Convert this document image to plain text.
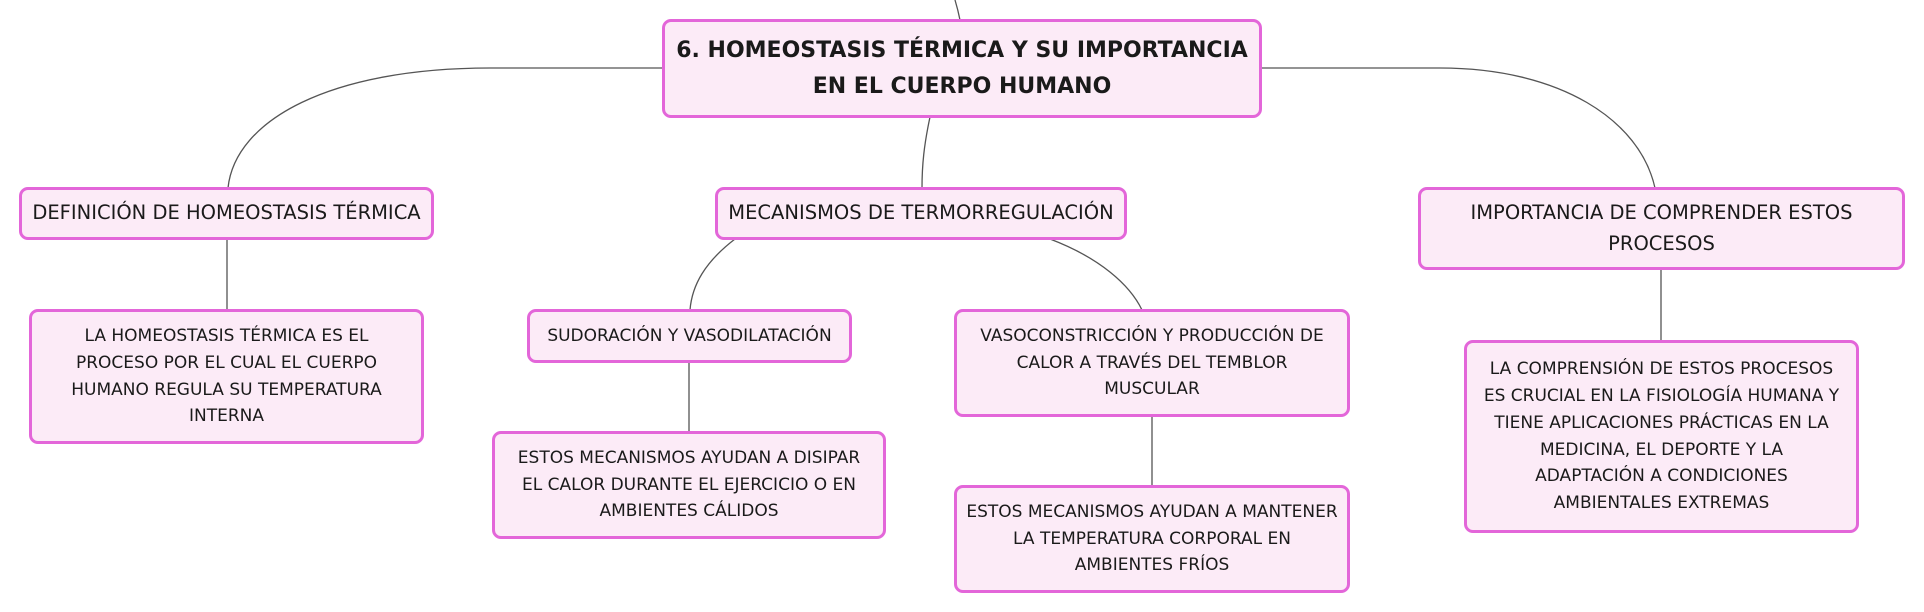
6. HOMEOSTASIS TÉRMICA Y SU IMPORTANCIA EN EL CUERPO HUMANO
DEFINICIÓN DE HOMEOSTASIS TÉRMICA	MECANISMOS DE TERMORREGULACIÓN	IMPORTANCIA DE COMPRENDER ESTOS PROCESOS
LA HOMEOSTASIS TÉRMICA ES EL PROCESO POR EL CUAL EL CUERPO HUMANO REGULA SU TEMPERATURA INTERNA
SUDORACIÓN Y VASODILATACIÓN
ESTOS MECANISMOS AYUDAN A DISIPAR EL CALOR DURANTE EL EJERCICIO O EN AMBIENTES CÁLIDOS
VASOCONSTRICCIÓN Y PRODUCCIÓN DE CALOR A TRAVÉS DEL TEMBLOR MUSCULAR
ESTOS MECANISMOS AYUDAN A MANTENER LA TEMPERATURA CORPORAL EN AMBIENTES FRÍOS
LA COMPRENSIÓN DE ESTOS PROCESOS ES CRUCIAL EN LA FISIOLOGÍA HUMANA Y TIENE APLICACIONES PRÁCTICAS EN LA MEDICINA, EL DEPORTE Y LA ADAPTACIÓN A CONDICIONES AMBIENTALES EXTREMAS
